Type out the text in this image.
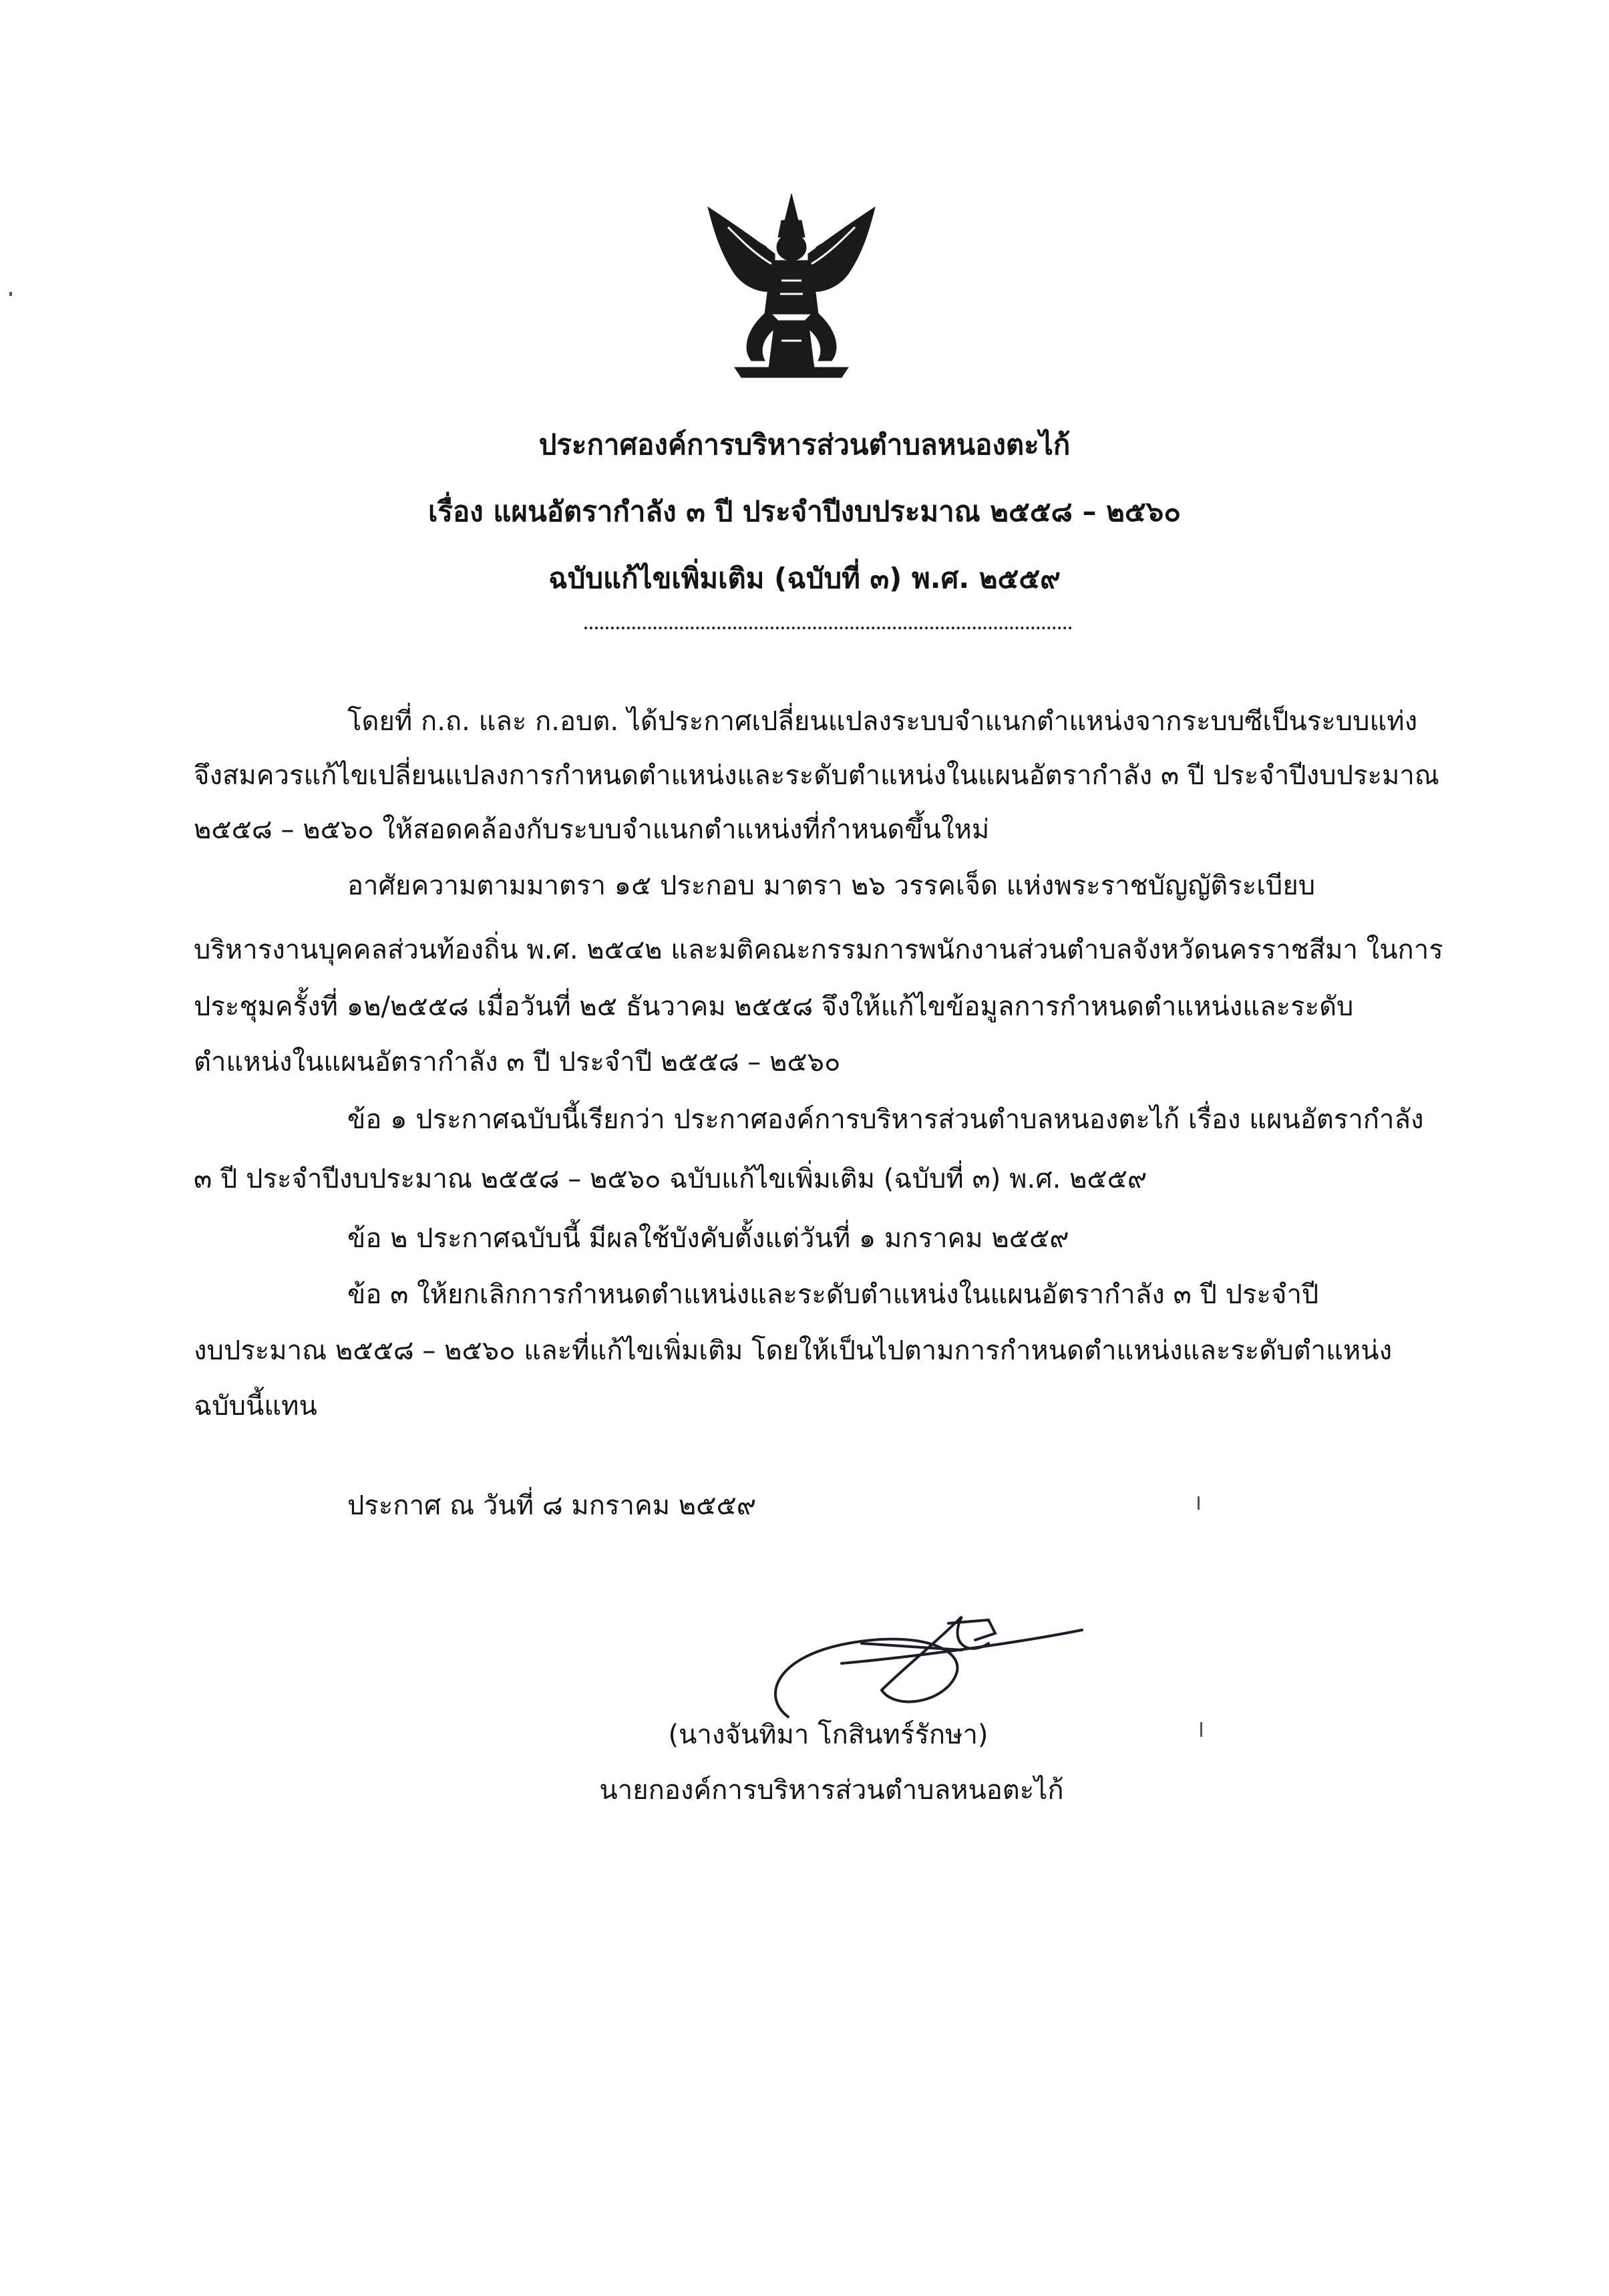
ประกาศองค์การบริหารส่วนตำบลหนองตะไก้
เรื่อง แผนอัตรากำลัง ๓ ปี ประจำปีงบประมาณ ๒๕๕๘ – ๒๕๖๐
ฉบับแก้ไขเพิ่มเติม (ฉบับที่ ๓) พ.ศ. ๒๕๕๙
โดยที่ ก.ถ. และ ก.อบต. ได้ประกาศเปลี่ยนแปลงระบบจำแนกตำแหน่งจากระบบซีเป็นระบบแท่ง
จึงสมควรแก้ไขเปลี่ยนแปลงการกำหนดตำแหน่งและระดับตำแหน่งในแผนอัตรากำลัง ๓ ปี ประจำปีงบประมาณ
๒๕๕๘ – ๒๕๖๐ ให้สอดคล้องกับระบบจำแนกตำแหน่งที่กำหนดขึ้นใหม่
อาศัยความตามมาตรา ๑๕ ประกอบ มาตรา ๒๖ วรรคเจ็ด แห่งพระราชบัญญัติระเบียบ
บริหารงานบุคคลส่วนท้องถิ่น พ.ศ. ๒๕๔๒ และมติคณะกรรมการพนักงานส่วนตำบลจังหวัดนครราชสีมา ในการ
ประชุมครั้งที่ ๑๒/๒๕๕๘ เมื่อวันที่ ๒๕ ธันวาคม ๒๕๕๘ จึงให้แก้ไขข้อมูลการกำหนดตำแหน่งและระดับ
ตำแหน่งในแผนอัตรากำลัง ๓ ปี ประจำปี ๒๕๕๘ – ๒๕๖๐
ข้อ ๑ ประกาศฉบับนี้เรียกว่า ประกาศองค์การบริหารส่วนตำบลหนองตะไก้ เรื่อง แผนอัตรากำลัง
๓ ปี ประจำปีงบประมาณ ๒๕๕๘ – ๒๕๖๐ ฉบับแก้ไขเพิ่มเติม (ฉบับที่ ๓) พ.ศ. ๒๕๕๙
ข้อ ๒ ประกาศฉบับนี้ มีผลใช้บังคับตั้งแต่วันที่ ๑ มกราคม ๒๕๕๙
ข้อ ๓ ให้ยกเลิกการกำหนดตำแหน่งและระดับตำแหน่งในแผนอัตรากำลัง ๓ ปี ประจำปี
งบประมาณ ๒๕๕๘ – ๒๕๖๐ และที่แก้ไขเพิ่มเติม โดยให้เป็นไปตามการกำหนดตำแหน่งและระดับตำแหน่ง
ฉบับนี้แทน
ประกาศ ณ วันที่ ๘ มกราคม ๒๕๕๙
(นางจันทิมา โกสินทร์รักษา)
นายกองค์การบริหารส่วนตำบลหนอตะไก้
